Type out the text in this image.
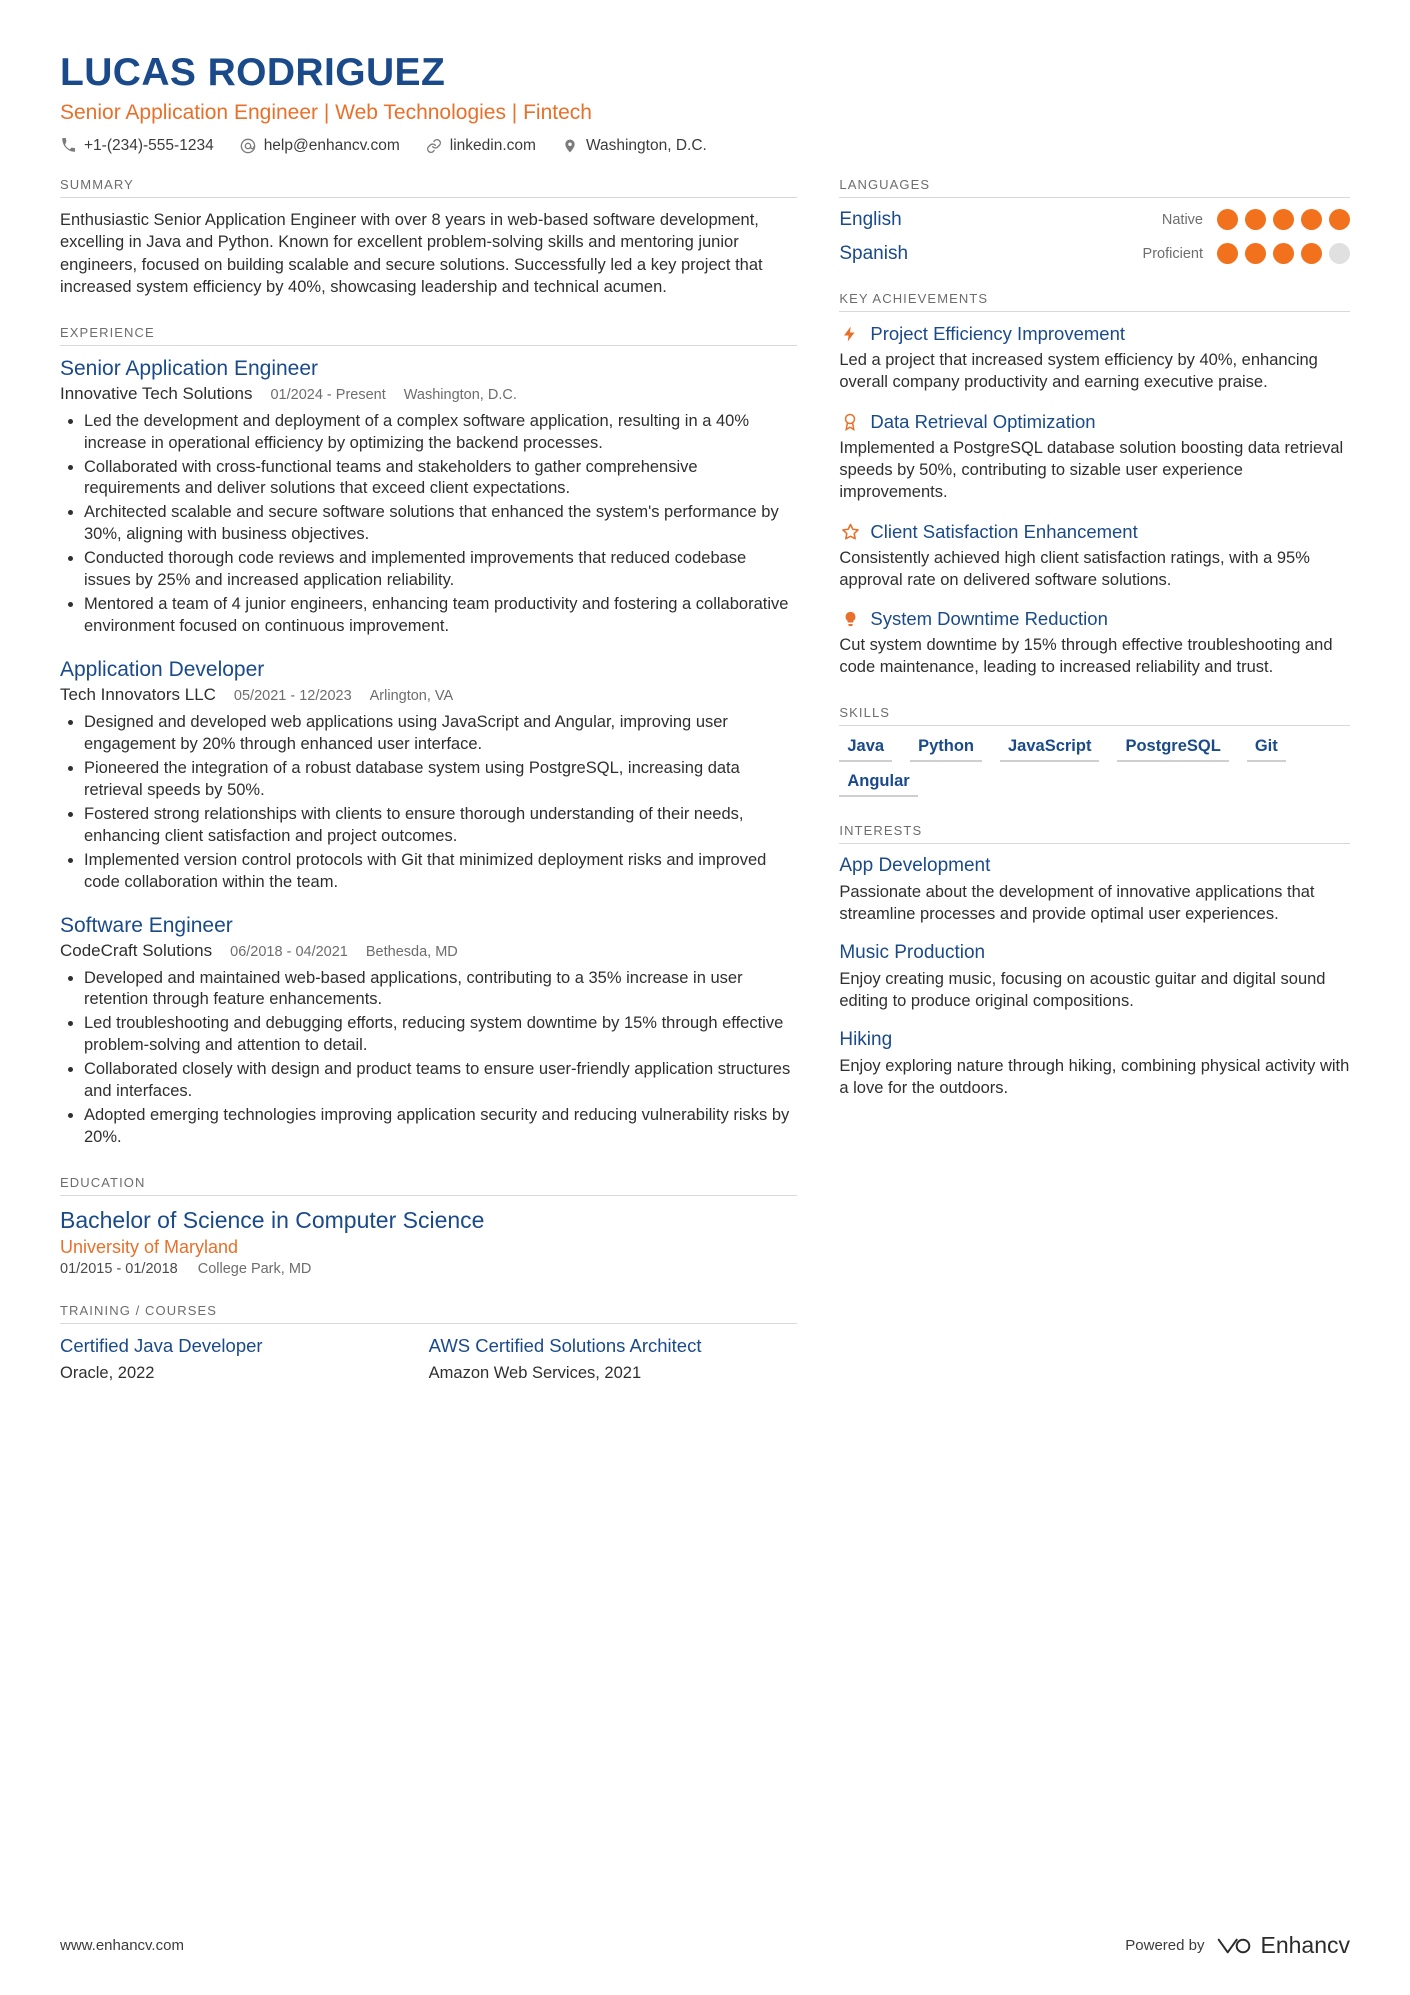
LUCAS RODRIGUEZ
Senior Application Engineer | Web Technologies | Fintech
+1-(234)-555-1234	help@enhancv.com	linkedin.com	Washington, D.C.
SUMMARY
Enthusiastic Senior Application Engineer with over 8 years in web-based software development, excelling in Java and Python. Known for excellent problem-solving skills and mentoring junior engineers, focused on building scalable and secure solutions. Successfully led a key project that increased system efficiency by 40%, showcasing leadership and technical acumen.
EXPERIENCE
Senior Application Engineer
Innovative Tech Solutions 01/2024 - Present Washington, D.C.
• Led the development and deployment of a complex software application, resulting in a 40% increase in operational efficiency by optimizing the backend processes.
• Collaborated with cross-functional teams and stakeholders to gather comprehensive requirements and deliver solutions that exceed client expectations.
• Architected scalable and secure software solutions that enhanced the system's performance by 30%, aligning with business objectives.
• Conducted thorough code reviews and implemented improvements that reduced codebase issues by 25% and increased application reliability.
• Mentored a team of 4 junior engineers, enhancing team productivity and fostering a collaborative environment focused on continuous improvement.
Application Developer
Tech Innovators LLC 05/2021 - 12/2023 Arlington, VA
• Designed and developed web applications using JavaScript and Angular, improving user engagement by 20% through enhanced user interface.
• Pioneered the integration of a robust database system using PostgreSQL, increasing data retrieval speeds by 50%.
• Fostered strong relationships with clients to ensure thorough understanding of their needs, enhancing client satisfaction and project outcomes.
• Implemented version control protocols with Git that minimized deployment risks and improved code collaboration within the team.
Software Engineer
CodeCraft Solutions 06/2018 - 04/2021 Bethesda, MD
• Developed and maintained web-based applications, contributing to a 35% increase in user retention through feature enhancements.
• Led troubleshooting and debugging efforts, reducing system downtime by 15% through effective problem-solving and attention to detail.
• Collaborated closely with design and product teams to ensure user-friendly application structures and interfaces.
• Adopted emerging technologies improving application security and reducing vulnerability risks by 20%.
EDUCATION
Bachelor of Science in Computer Science
University of Maryland
01/2015 - 01/2018 College Park, MD
TRAINING / COURSES
Certified Java Developer
Oracle, 2022
AWS Certified Solutions Architect
Amazon Web Services, 2021
LANGUAGES
English	Native
Spanish	Proficient
KEY ACHIEVEMENTS
Project Efficiency Improvement
Led a project that increased system efficiency by 40%, enhancing overall company productivity and earning executive praise.
Data Retrieval Optimization
Implemented a PostgreSQL database solution boosting data retrieval speeds by 50%, contributing to sizable user experience improvements.
Client Satisfaction Enhancement
Consistently achieved high client satisfaction ratings, with a 95% approval rate on delivered software solutions.
System Downtime Reduction
Cut system downtime by 15% through effective troubleshooting and code maintenance, leading to increased reliability and trust.
SKILLS
Java	Python	JavaScript	PostgreSQL	Git
Angular
INTERESTS
App Development
Passionate about the development of innovative applications that streamline processes and provide optimal user experiences.
Music Production
Enjoy creating music, focusing on acoustic guitar and digital sound editing to produce original compositions.
Hiking
Enjoy exploring nature through hiking, combining physical activity with a love for the outdoors.
www.enhancv.com	Powered by Enhancv
